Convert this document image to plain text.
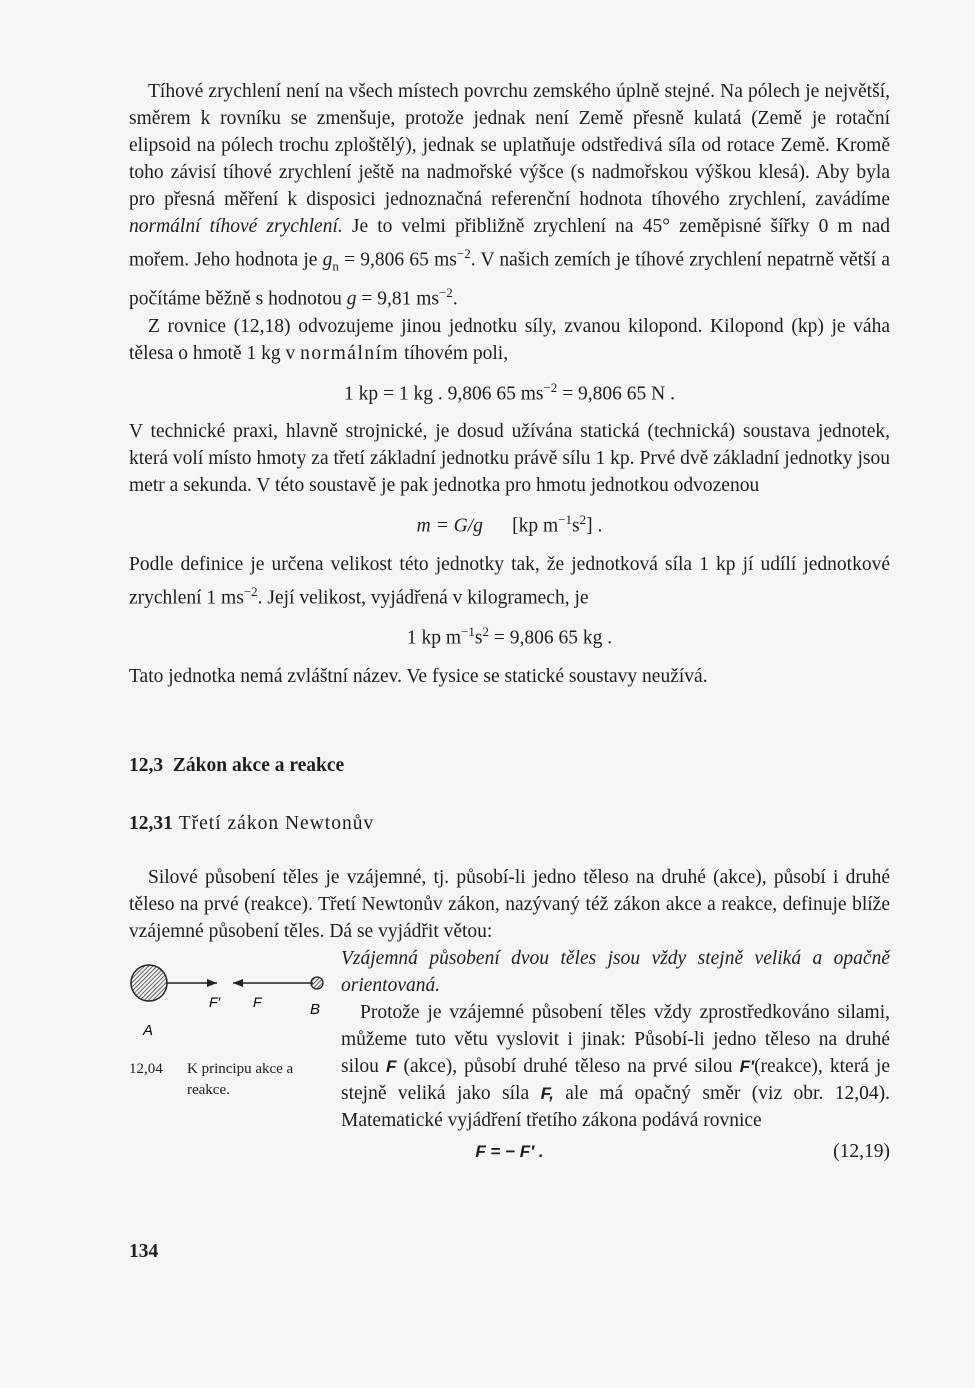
Tíhové zrychlení není na všech místech povrchu zemského úplně stejné. Na pólech je největší, směrem k rovníku se zmenšuje, protože jednak není Země přesně kulatá (Země je rotační elipsoid na pólech trochu zploštělý), jednak se uplatňuje odstředivá síla od rotace Země. Kromě toho závisí tíhové zrychlení ještě na nadmořské výšce (s nadmořskou výškou klesá). Aby byla pro přesná měření k disposici jednoznačná referenční hodnota tíhového zrychlení, zavádíme normální tíhové zrychlení. Je to velmi přibližně zrychlení na 45° zeměpisné šířky 0 m nad mořem. Jeho hodnota je $g_n = 9,806$ 65 $ms^{-2}$. V našich zemích je tíhové zrychlení nepatrně větší a počítáme běžně s hodnotou g = 9,81 $ms^{-2}$.

Z rovnice (12,18) odvozujeme jinou jednotku síly, zvanou kilopond. Kilopond (kp) je váha tělesa o hmotě 1 kg v normálním tíhovém poli,

1 kp = 1 kg . 9,806 65 $ms^{-2} = 9,806$ 65 N .

V technické praxi, hlavně strojnické, je dosud užívána statická (technická) soustava jednotek, která volí místo hmoty za třetí základní jednotku právě sílu 1 kp. Prvé dvě základní jednotky jsou metr a sekunda. V této soustavě je pak jednotka pro hmotu jednotkou odvozenou

m = G/g [kp $m^{-1}s^2$] .

Podle definice je určena velikost této jednotky tak, že jednotková síla 1 kp jí udílí jednotkové zrychlení 1 $ms^{-2}$. Její velikost, vyjádřená v kilogramech, je

1 kp $m^{-1}s^2 = 9,806$ 65 kg .

Tato jednotka nemá zvláštní název. Ve fysice se statické soustavy neužívá.

12,3 Zákon akce a reakce
12,31 Třetí zákon Newtonův

Silové působení těles je vzájemné, tj. působí-li jedno těleso na druhé (akce), působí i druhé těleso na prvé (reakce). Třetí Newtonův zákon, nazývaný též zákon akce a reakce, definuje blíže vzájemné působení těles. Dá se vyjádřit větou:

A
F′ F	B
12,04 K principu akce a reakce.

Vzájemná působení dvou těles jsou vždy stejně veliká a opačně orientovaná.

Protože je vzájemné působení těles vždy zprostředkováno silami, můžeme tuto větu vyslovit i jinak: Působí-li jedno těleso na druhé silou F (akce), působí druhé těleso na prvé silou F′(reakce), která je stejně veliká jako síla F, ale má opačný směr (viz obr. 12,04). Matematické vyjádření třetího zákona podává rovnice

F = − F′ .	(12,19)
134
